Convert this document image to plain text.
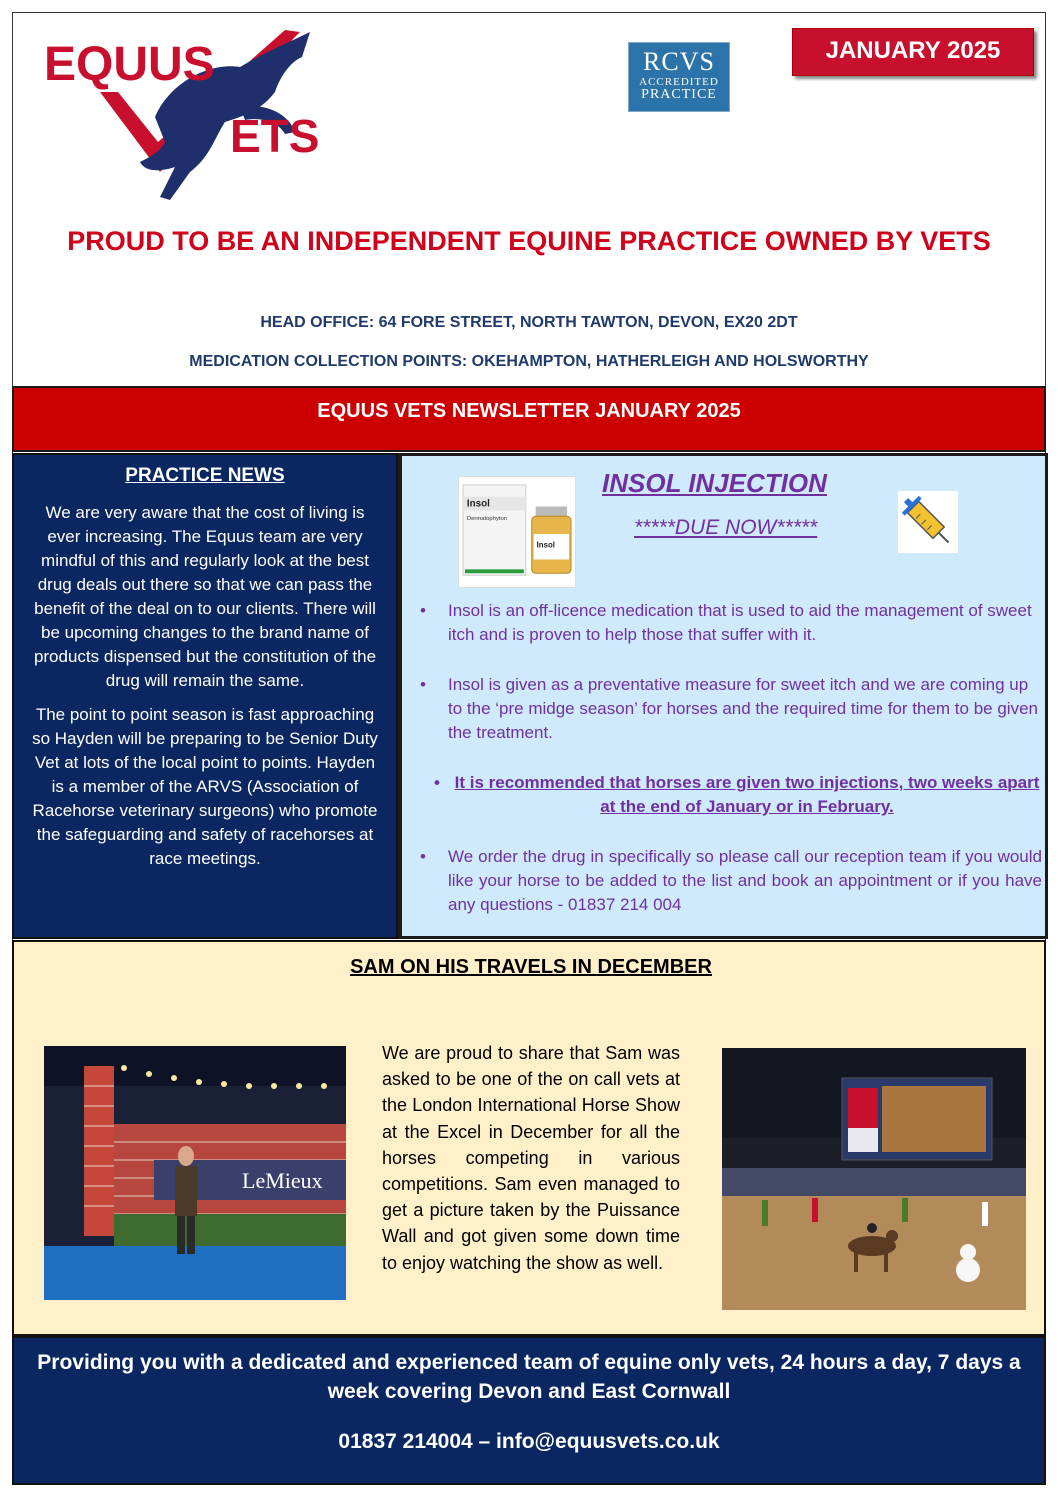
EQUUS
ETS
RCVS
ACCREDITED
PRACTICE
JANUARY 2025
PROUD TO BE AN INDEPENDENT EQUINE PRACTICE OWNED BY VETS
HEAD OFFICE: 64 FORE STREET, NORTH TAWTON, DEVON, EX20 2DT
MEDICATION COLLECTION POINTS: OKEHAMPTON, HATHERLEIGH AND HOLSWORTHY
EQUUS VETS NEWSLETTER JANUARY 2025
PRACTICE NEWS

We are very aware that the cost of living is ever increasing. The Equus team are very mindful of this and regularly look at the best drug deals out there so that we can pass the benefit of the deal on to our clients. There will be upcoming changes to the brand name of products dispensed but the constitution of the drug will remain the same.

The point to point season is fast approaching so Hayden will be preparing to be Senior Duty Vet at lots of the local point to points. Hayden is a member of the ARVS (Association of Racehorse veterinary surgeons) who promote the safeguarding and safety of racehorses at race meetings.

Insol
Dermatophyton
Insol
INSOL INJECTION
*****DUE NOW*****
• Insol is an off-licence medication that is used to aid the management of sweet itch and is proven to help those that suffer with it.
• Insol is given as a preventative measure for sweet itch and we are coming up to the ‘pre midge season’ for horses and the required time for them to be given the treatment.
• It is recommended that horses are given two injections, two weeks apart at the end of January or in February.
• We order the drug in specifically so please call our reception team if you would like your horse to be added to the list and book an appointment or if you have any questions - 01837 214 004
SAM ON HIS TRAVELS IN DECEMBER
LeMieux
We are proud to share that Sam was asked to be one of the on call vets at the London International Horse Show at the Excel in December for all the horses competing in various competitions. Sam even managed to get a picture taken by the Puissance Wall and got given some down time to enjoy watching the show as well.
Providing you with a dedicated and experienced team of equine only vets, 24 hours a day, 7 days a week covering Devon and East Cornwall
01837 214004 – info@equusvets.co.uk
